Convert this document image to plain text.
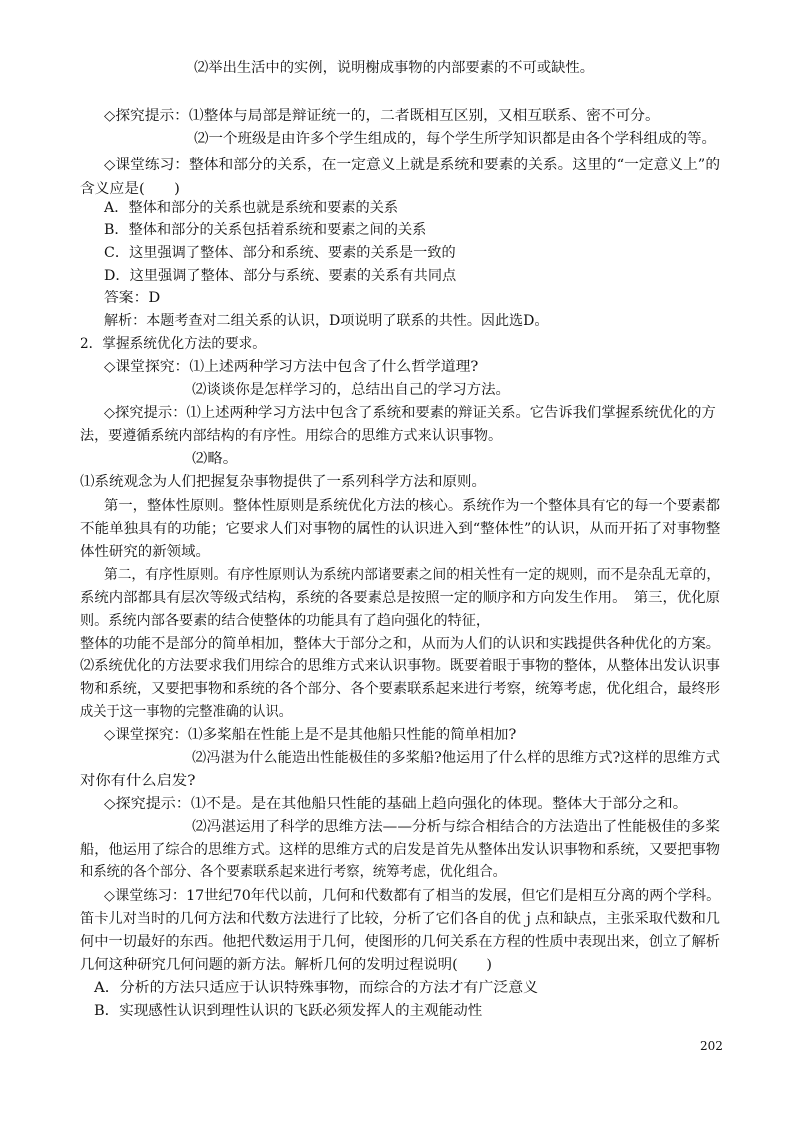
⑵举出生活中的实例，说明榭成事物的内部要素的不可或缺性。
◇探究提示：⑴整体与局部是辩证统一的，二者既相互区别，又相互联系、密不可分。
⑵一个班级是由许多个学生组成的，每个学生所学知识都是由各个学科组成的等。
◇课堂练习：整体和部分的关系，在一定意义上就是系统和要素的关系。这里的“一定意义上”的
含义应是(　　)
A．整体和部分的关系也就是系统和要素的关系
B．整体和部分的关系包括着系统和要素之间的关系
C．这里强调了整体、部分和系统、要素的关系是一致的
D．这里强调了整体、部分与系统、要素的关系有共同点
答案：D
解析：本题考查对二组关系的认识，D项说明了联系的共性。因此选D。
2．掌握系统优化方法的要求。
◇课堂探究：⑴上述两种学习方法中包含了什么哲学道理?
⑵谈谈你是怎样学习的，总结出自己的学习方法。
◇探究提示：⑴上述两种学习方法中包含了系统和要素的辩证关系。它告诉我们掌握系统优化的方
法，要遵循系统内部结构的有序性。用综合的思维方式来认识事物。
⑵略。
⑴系统观念为人们把握复杂事物提供了一系列科学方法和原则。
第一，整体性原则。整体性原则是系统优化方法的核心。系统作为一个整体具有它的每一个要素都
不能单独具有的功能；它要求人们对事物的属性的认识进入到“整体性”的认识，从而开拓了对事物整
体性研究的新领域。
第二，有序性原则。有序性原则认为系统内部诸要素之间的相关性有一定的规则，而不是杂乱无章的，
系统内部都具有层次等级式结构，系统的各要素总是按照一定的顺序和方向发生作用。　第三，优化原
则。系统内部各要素的结合使整体的功能具有了趋向强化的特征，
整体的功能不是部分的简单相加，整体大于部分之和，从而为人们的认识和实践提供各种优化的方案。
⑵系统优化的方法要求我们用综合的思维方式来认识事物。既要着眼于事物的整体，从整体出发认识事
物和系统，又要把事物和系统的各个部分、各个要素联系起来进行考察，统筹考虑，优化组合，最终形
成关于这一事物的完整准确的认识。
◇课堂探究：⑴多桨船在性能上是不是其他船只性能的简单相加?
⑵冯湛为什么能造出性能极佳的多桨船?他运用了什么样的思维方式?这样的思维方式
对你有什么启发?
◇探究提示：⑴不是。是在其他船只性能的基础上趋向强化的体现。整体大于部分之和。
⑵冯湛运用了科学的思维方法——分析与综合相结合的方法造出了性能极佳的多桨
船，他运用了综合的思维方式。这样的思维方式的启发是首先从整体出发认识事物和系统，又要把事物
和系统的各个部分、各个要素联系起来进行考察，统筹考虑，优化组合。
◇课堂练习：17世纪70年代以前，几何和代数都有了相当的发展，但它们是相互分离的两个学科。
笛卡儿对当时的几何方法和代数方法进行了比较，分析了它们各自的优ｊ点和缺点，主张采取代数和几
何中一切最好的东西。他把代数运用于几何，使图形的几何关系在方程的性质中表现出来，创立了解析
几何这种研究几何问题的新方法。解析几何的发明过程说明(　　)
A．分析的方法只适应于认识特殊事物，而综合的方法才有广泛意义
B．实现感性认识到理性认识的飞跃必须发挥人的主观能动性
202
